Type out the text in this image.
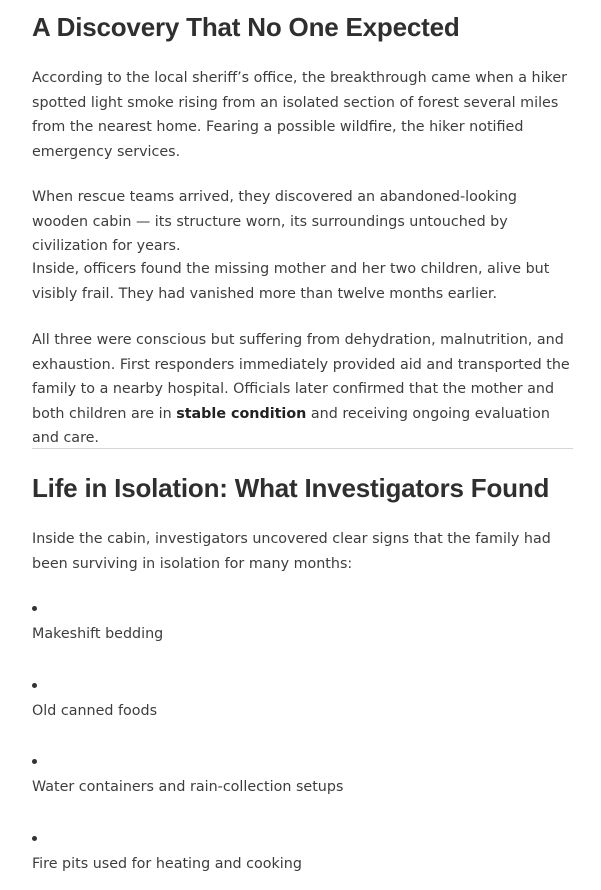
A Discovery That No One Expected

According to the local sheriff’s office, the breakthrough came when a hiker spotted light smoke rising from an isolated section of forest several miles from the nearest home. Fearing a possible wildfire, the hiker notified emergency services.

When rescue teams arrived, they discovered an abandoned-looking wooden cabin — its structure worn, its surroundings untouched by civilization for years.

Inside, officers found the missing mother and her two children, alive but visibly frail. They had vanished more than twelve months earlier.

All three were conscious but suffering from dehydration, malnutrition, and exhaustion. First responders immediately provided aid and transported the family to a nearby hospital. Officials later confirmed that the mother and both children are in stable condition and receiving ongoing evaluation and care.

Life in Isolation: What Investigators Found

Inside the cabin, investigators uncovered clear signs that the family had been surviving in isolation for many months:

Makeshift bedding
Old canned foods
Water containers and rain-collection setups
Fire pits used for heating and cooking
